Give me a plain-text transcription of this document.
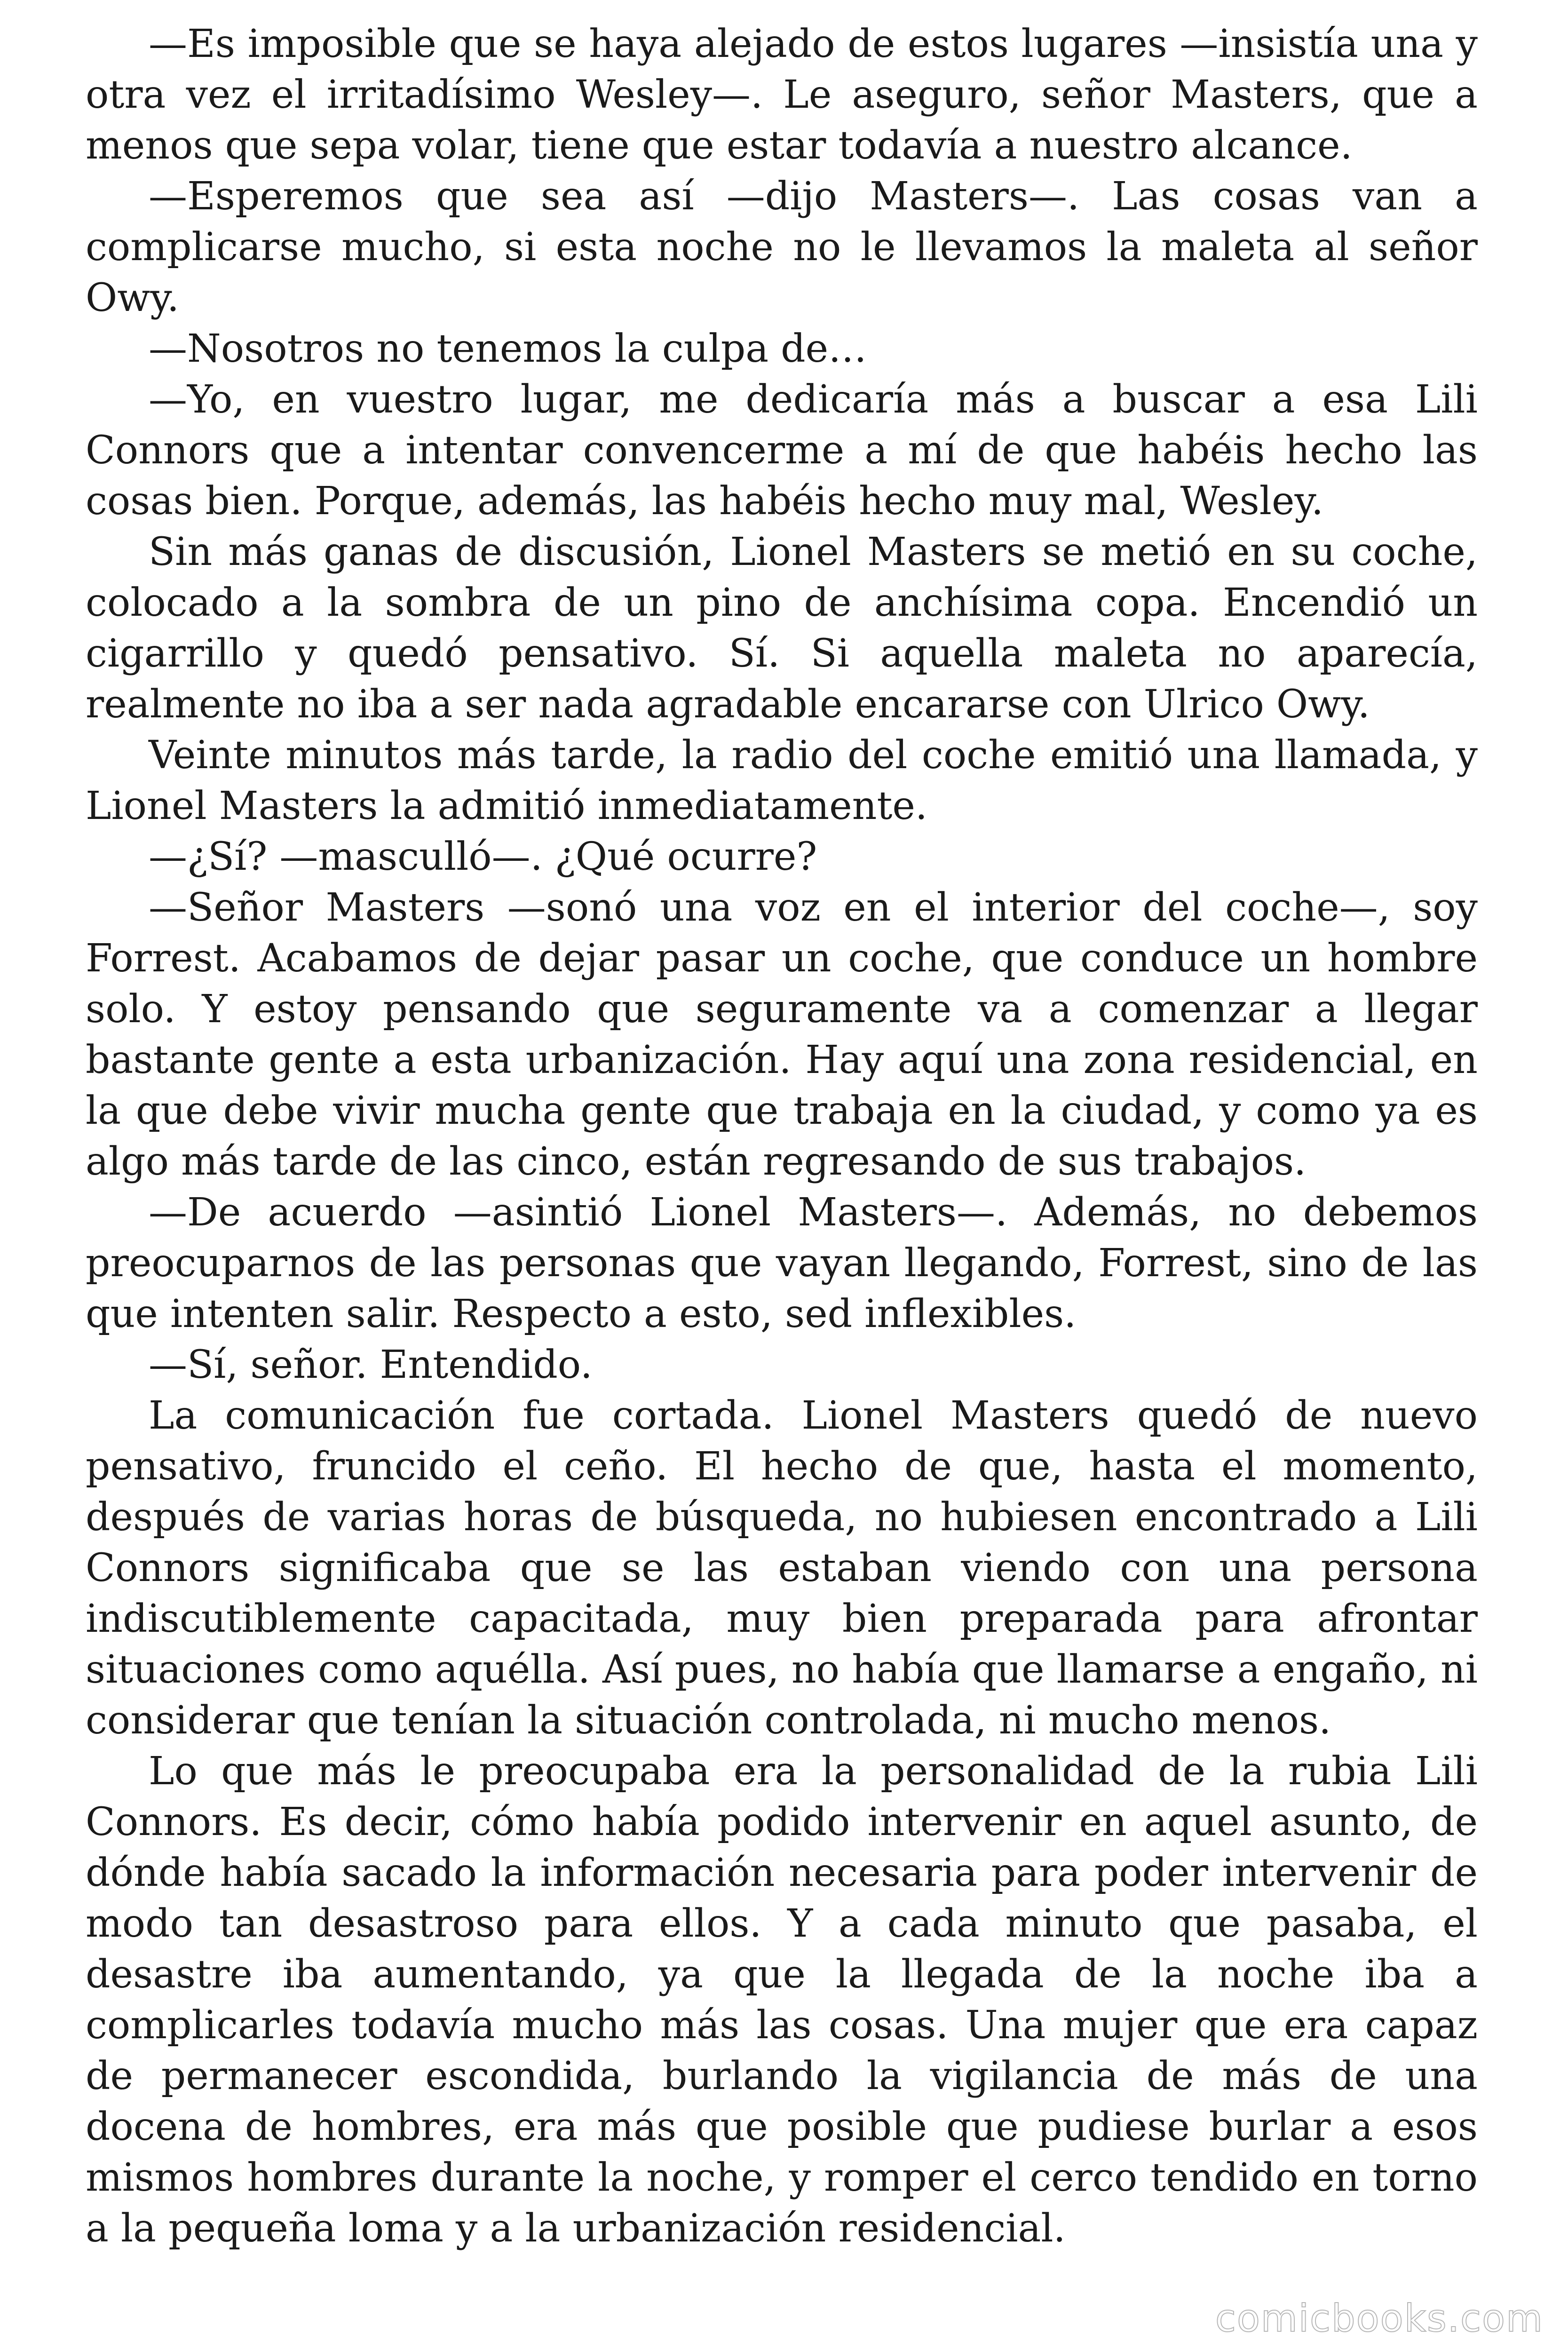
—Es imposible que se haya alejado de estos lugares —insistía una y otra vez el irritadísimo Wesley—. Le aseguro, señor Masters, que a menos que sepa volar, tiene que estar todavía a nuestro alcance.

—Esperemos que sea así —dijo Masters—. Las cosas van a complicarse mucho, si esta noche no le llevamos la maleta al señor Owy.

—Nosotros no tenemos la culpa de…

—Yo, en vuestro lugar, me dedicaría más a buscar a esa Lili Connors que a intentar convencerme a mí de que habéis hecho las cosas bien. Porque, además, las habéis hecho muy mal, Wesley.

Sin más ganas de discusión, Lionel Masters se metió en su coche, colocado a la sombra de un pino de anchísima copa. Encendió un cigarrillo y quedó pensativo. Sí. Si aquella maleta no aparecía, realmente no iba a ser nada agradable encararse con Ulrico Owy.

Veinte minutos más tarde, la radio del coche emitió una llamada, y Lionel Masters la admitió inmediatamente.

—¿Sí? —masculló—. ¿Qué ocurre?

—Señor Masters —sonó una voz en el interior del coche—, soy Forrest. Acabamos de dejar pasar un coche, que conduce un hombre solo. Y estoy pensando que seguramente va a comenzar a llegar bastante gente a esta urbanización. Hay aquí una zona residencial, en la que debe vivir mucha gente que trabaja en la ciudad, y como ya es algo más tarde de las cinco, están regresando de sus trabajos.

—De acuerdo —asintió Lionel Masters—. Además, no debemos preocuparnos de las personas que vayan llegando, Forrest, sino de las que intenten salir. Respecto a esto, sed inflexibles.

—Sí, señor. Entendido.

La comunicación fue cortada. Lionel Masters quedó de nuevo pensativo, fruncido el ceño. El hecho de que, hasta el momento, después de varias horas de búsqueda, no hubiesen encontrado a Lili Connors significaba que se las estaban viendo con una persona indiscutiblemente capacitada, muy bien preparada para afrontar situaciones como aquélla. Así pues, no había que llamarse a engaño, ni considerar que tenían la situación controlada, ni mucho menos.

Lo que más le preocupaba era la personalidad de la rubia Lili Connors. Es decir, cómo había podido intervenir en aquel asunto, de dónde había sacado la información necesaria para poder intervenir de modo tan desastroso para ellos. Y a cada minuto que pasaba, el desastre iba aumentando, ya que la llegada de la noche iba a complicarles todavía mucho más las cosas. Una mujer que era capaz de permanecer escondida, burlando la vigilancia de más de una docena de hombres, era más que posible que pudiese burlar a esos mismos hombres durante la noche, y romper el cerco tendido en torno a la pequeña loma y a la urbanización residencial.

comicbooks.com
